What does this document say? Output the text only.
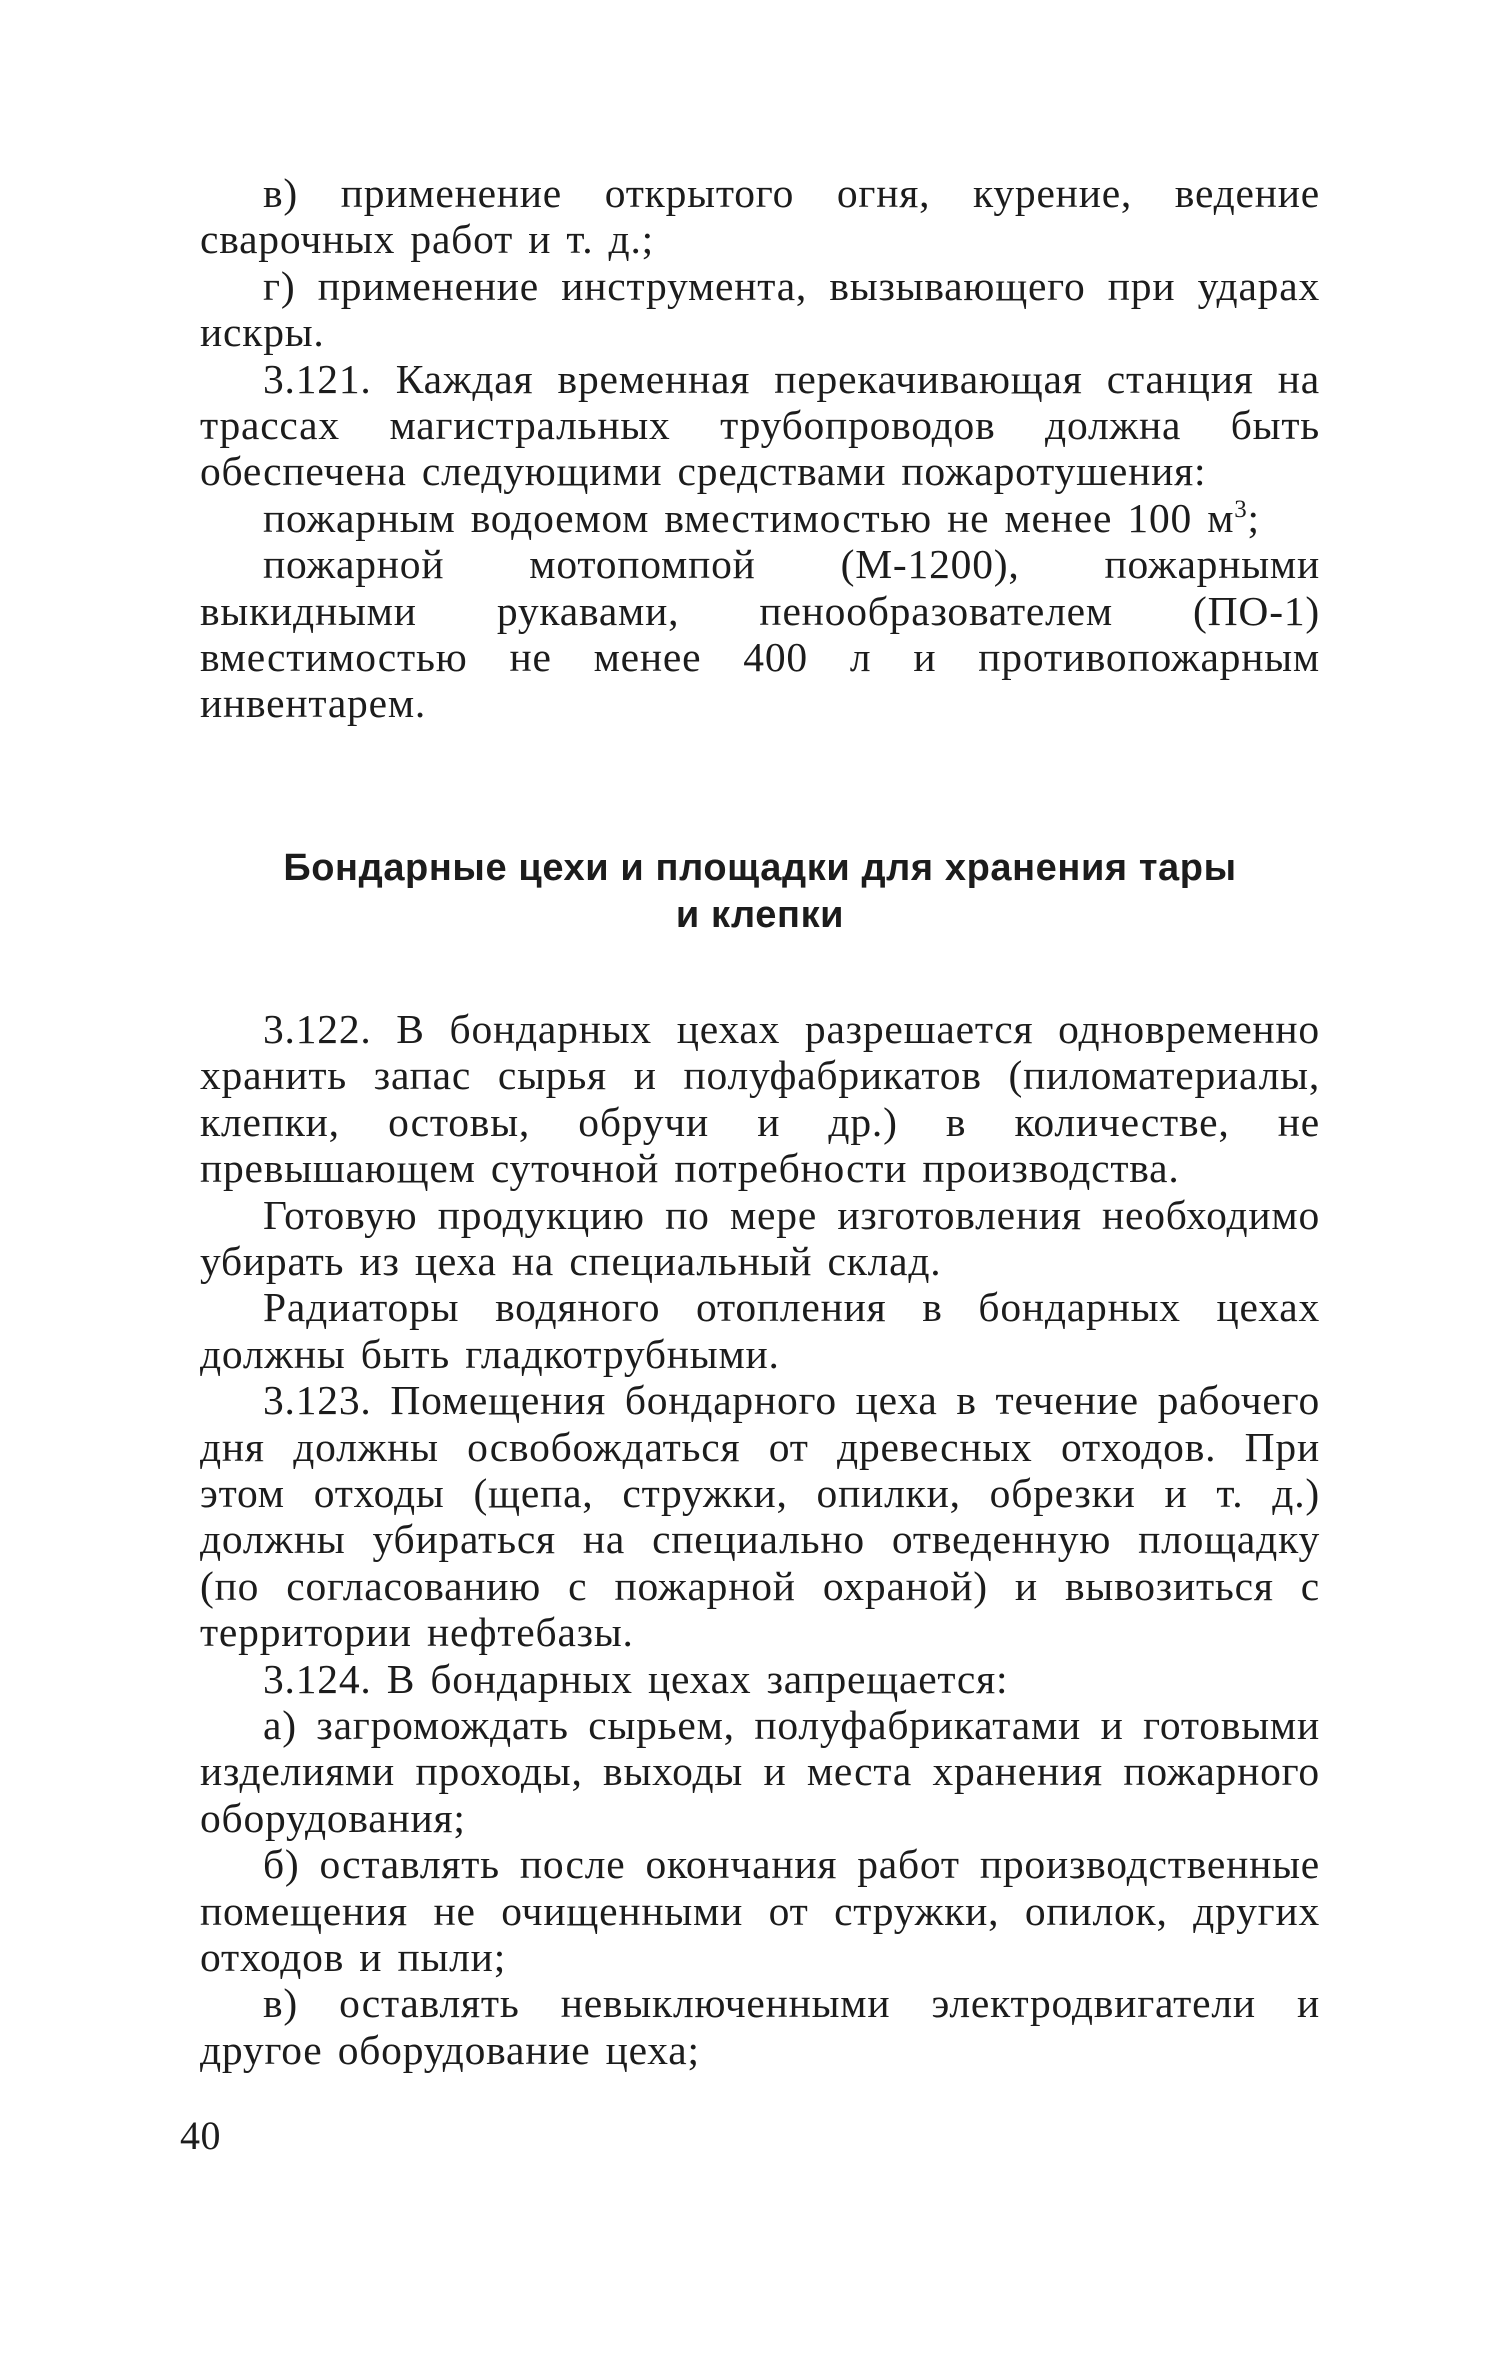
в) применение открытого огня, курение, ведение сварочных работ и т. д.;

г) применение инструмента, вызывающего при ударах искры.

3.121. Каждая временная перекачивающая станция на трассах магистральных трубопроводов должна быть обеспечена следующими средствами пожаротушения:

пожарным водоемом вместимостью не менее 100 $м^3$;

пожарной мотопомпой (М-1200), пожарными выкидными рукавами, пенообразователем (ПО-1) вместимостью не менее 400 л и противопожарным инвентарем.

Бондарные цехи и площадки для хранения тары
и клепки

3.122. В бондарных цехах разрешается одновременно хранить запас сырья и полуфабрикатов (пиломатериалы, клепки, остовы, обручи и др.) в количестве, не превышающем суточной потребности производства.

Готовую продукцию по мере изготовления необходимо убирать из цеха на специальный склад.

Радиаторы водяного отопления в бондарных цехах должны быть гладкотрубными.

3.123. Помещения бондарного цеха в течение рабочего дня должны освобождаться от древесных отходов. При этом отходы (щепа, стружки, опилки, обрезки и т. д.) должны убираться на специально отведенную площадку (по согласованию с пожарной охраной) и вывозиться с территории нефтебазы.

3.124. В бондарных цехах запрещается:

а) загромождать сырьем, полуфабрикатами и готовыми изделиями проходы, выходы и места хранения пожарного оборудования;

б) оставлять после окончания работ производственные помещения не очищенными от стружки, опилок, других отходов и пыли;

в) оставлять невыключенными электродвигатели и другое оборудование цеха;

40
